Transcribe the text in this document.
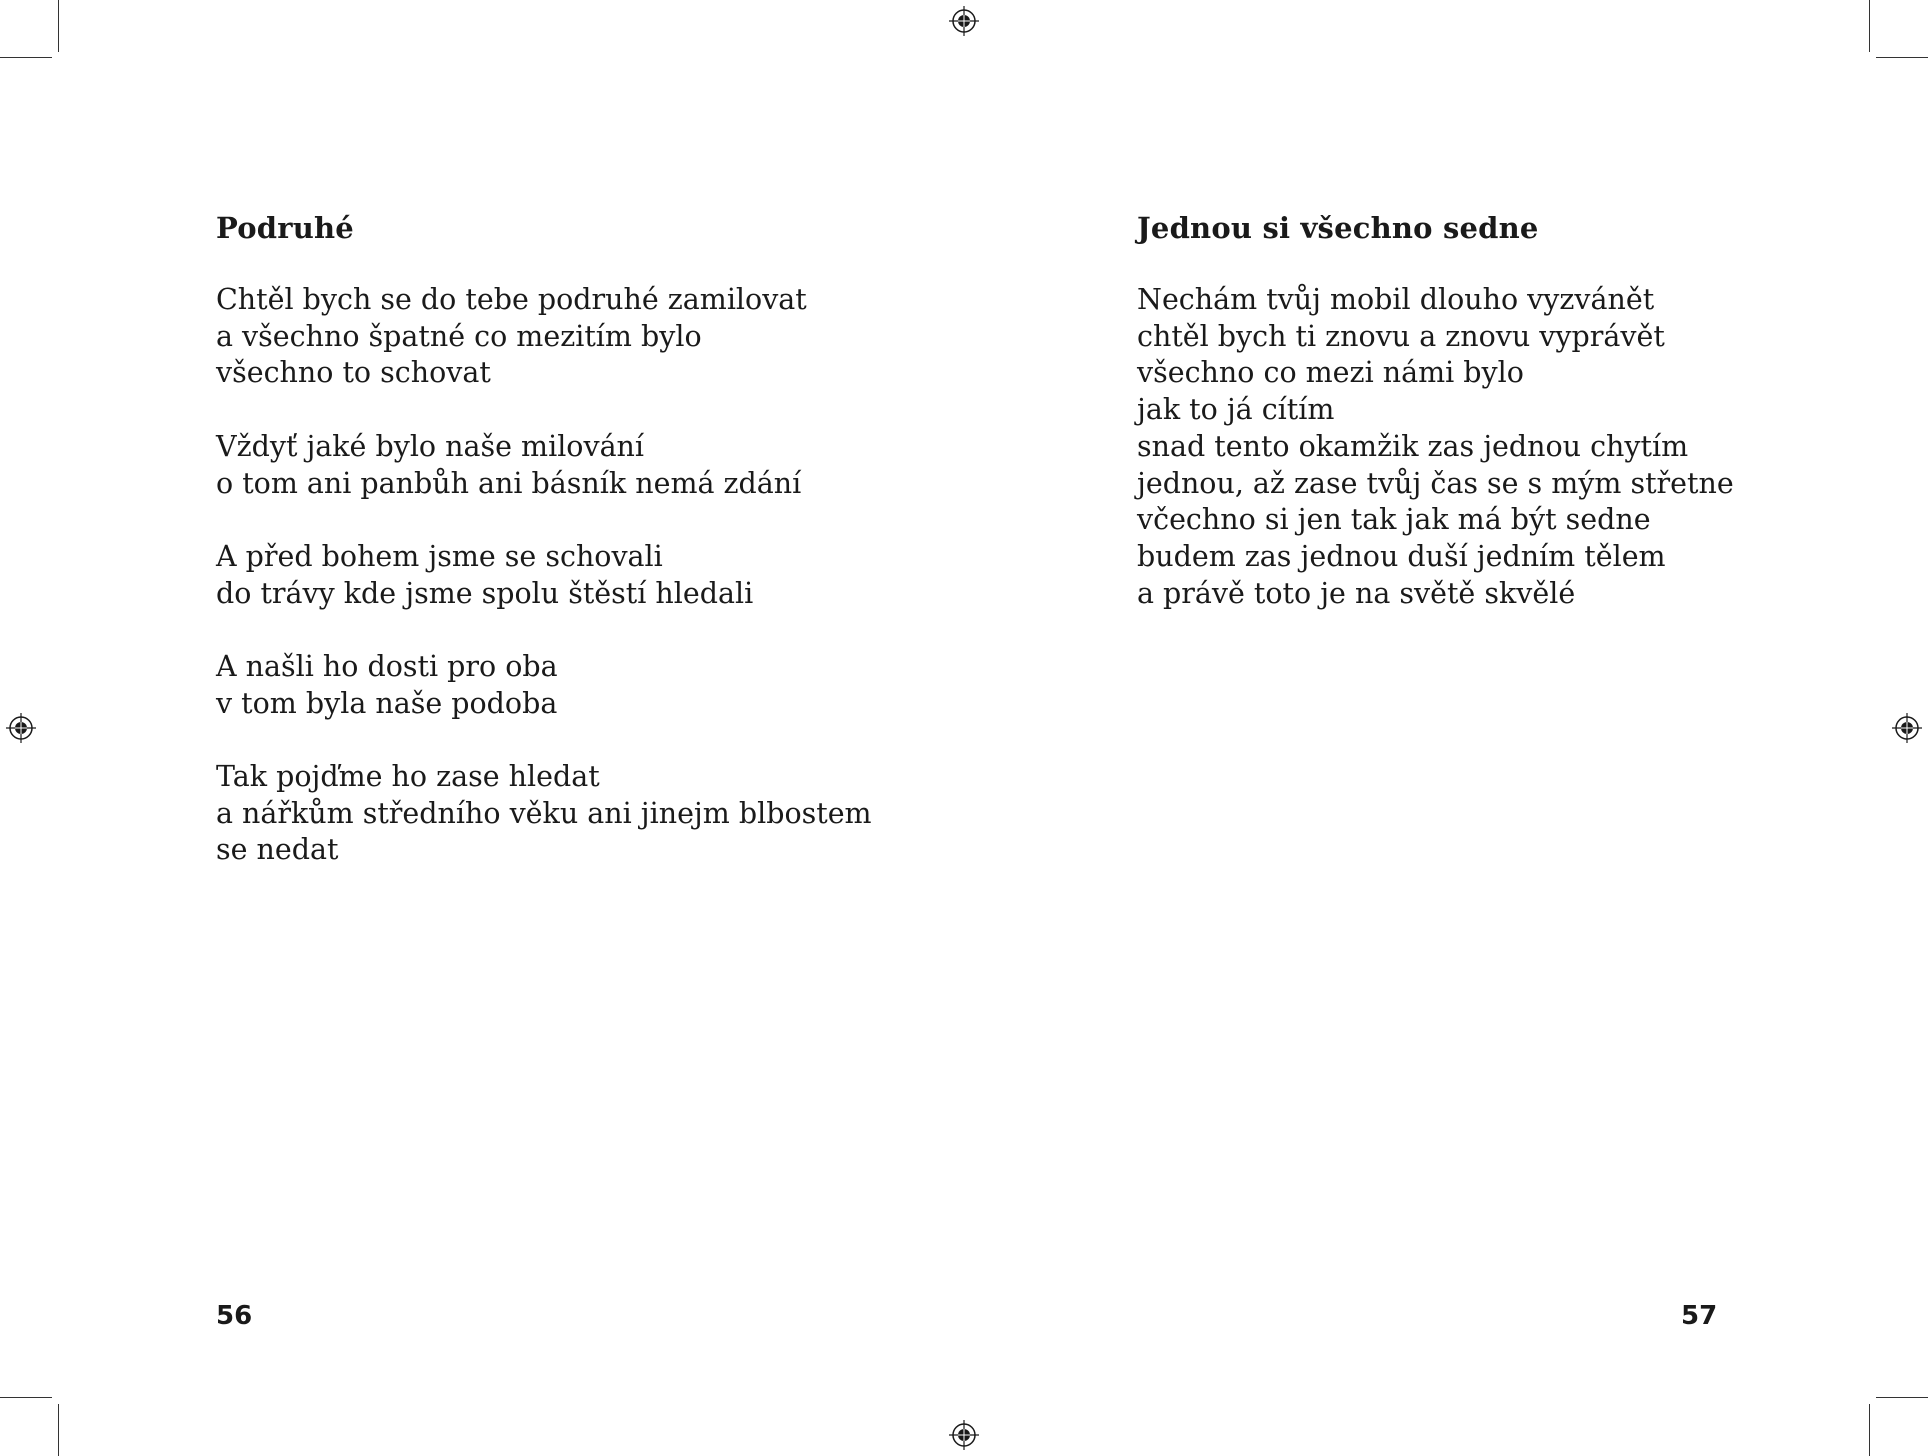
Podruhé
Chtěl bych se do tebe podruhé zamilovat
a všechno špatné co mezitím bylo
všechno to schovat
Vždyť jaké bylo naše milování
o tom ani panbůh ani básník nemá zdání
A před bohem jsme se schovali
do trávy kde jsme spolu štěstí hledali
A našli ho dosti pro oba
v tom byla naše podoba
Tak pojďme ho zase hledat
a nářkům středního věku ani jinejm blbostem
se nedat
56
Jednou si všechno sedne
Nechám tvůj mobil dlouho vyzvánět
chtěl bych ti znovu a znovu vyprávět
všechno co mezi námi bylo
jak to já cítím
snad tento okamžik zas jednou chytím
jednou, až zase tvůj čas se s mým střetne
včechno si jen tak jak má být sedne
budem zas jednou duší jedním tělem
a právě toto je na světě skvělé
57
